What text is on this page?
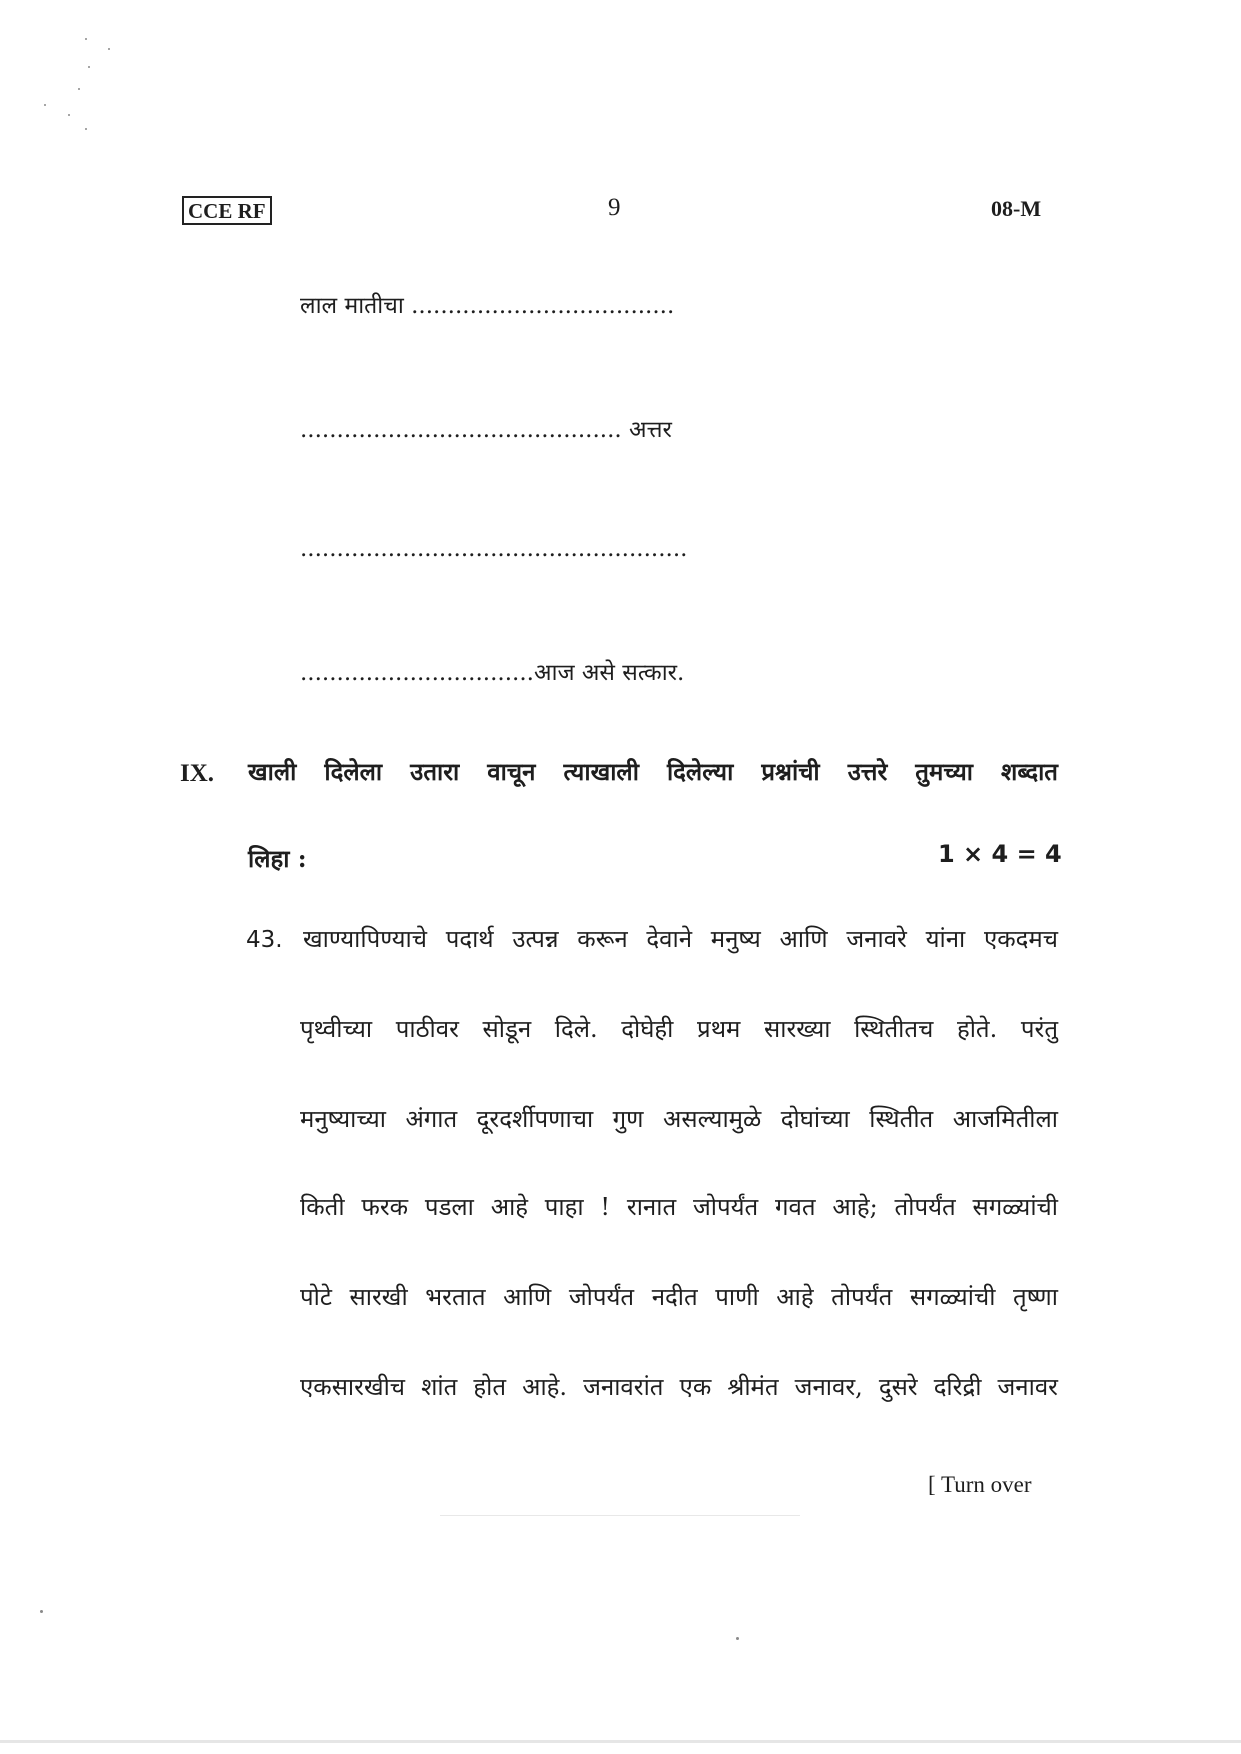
CCE RF	9	08-M
लाल मातीचा ....................................
............................................ अत्तर
.....................................................
................................आज असे सत्कार.
IX. खाली दिलेला उतारा वाचून त्याखाली दिलेल्या प्रश्नांची उत्तरे तुमच्या शब्दात
लिहा :	1 × 4 = 4
43. खाण्यापिण्याचे पदार्थ उत्पन्न करून देवाने मनुष्य आणि जनावरे यांना एकदमच
पृथ्वीच्या पाठीवर सोडून दिले. दोघेही प्रथम सारख्या स्थितीतच होते. परंतु
मनुष्याच्या अंगात दूरदर्शीपणाचा गुण असल्यामुळे दोघांच्या स्थितीत आजमितीला
किती फरक पडला आहे पाहा ! रानात जोपर्यंत गवत आहे; तोपर्यंत सगळ्यांची
पोटे सारखी भरतात आणि जोपर्यंत नदीत पाणी आहे तोपर्यंत सगळ्यांची तृष्णा
एकसारखीच शांत होत आहे. जनावरांत एक श्रीमंत जनावर, दुसरे दरिद्री जनावर
[ Turn over
